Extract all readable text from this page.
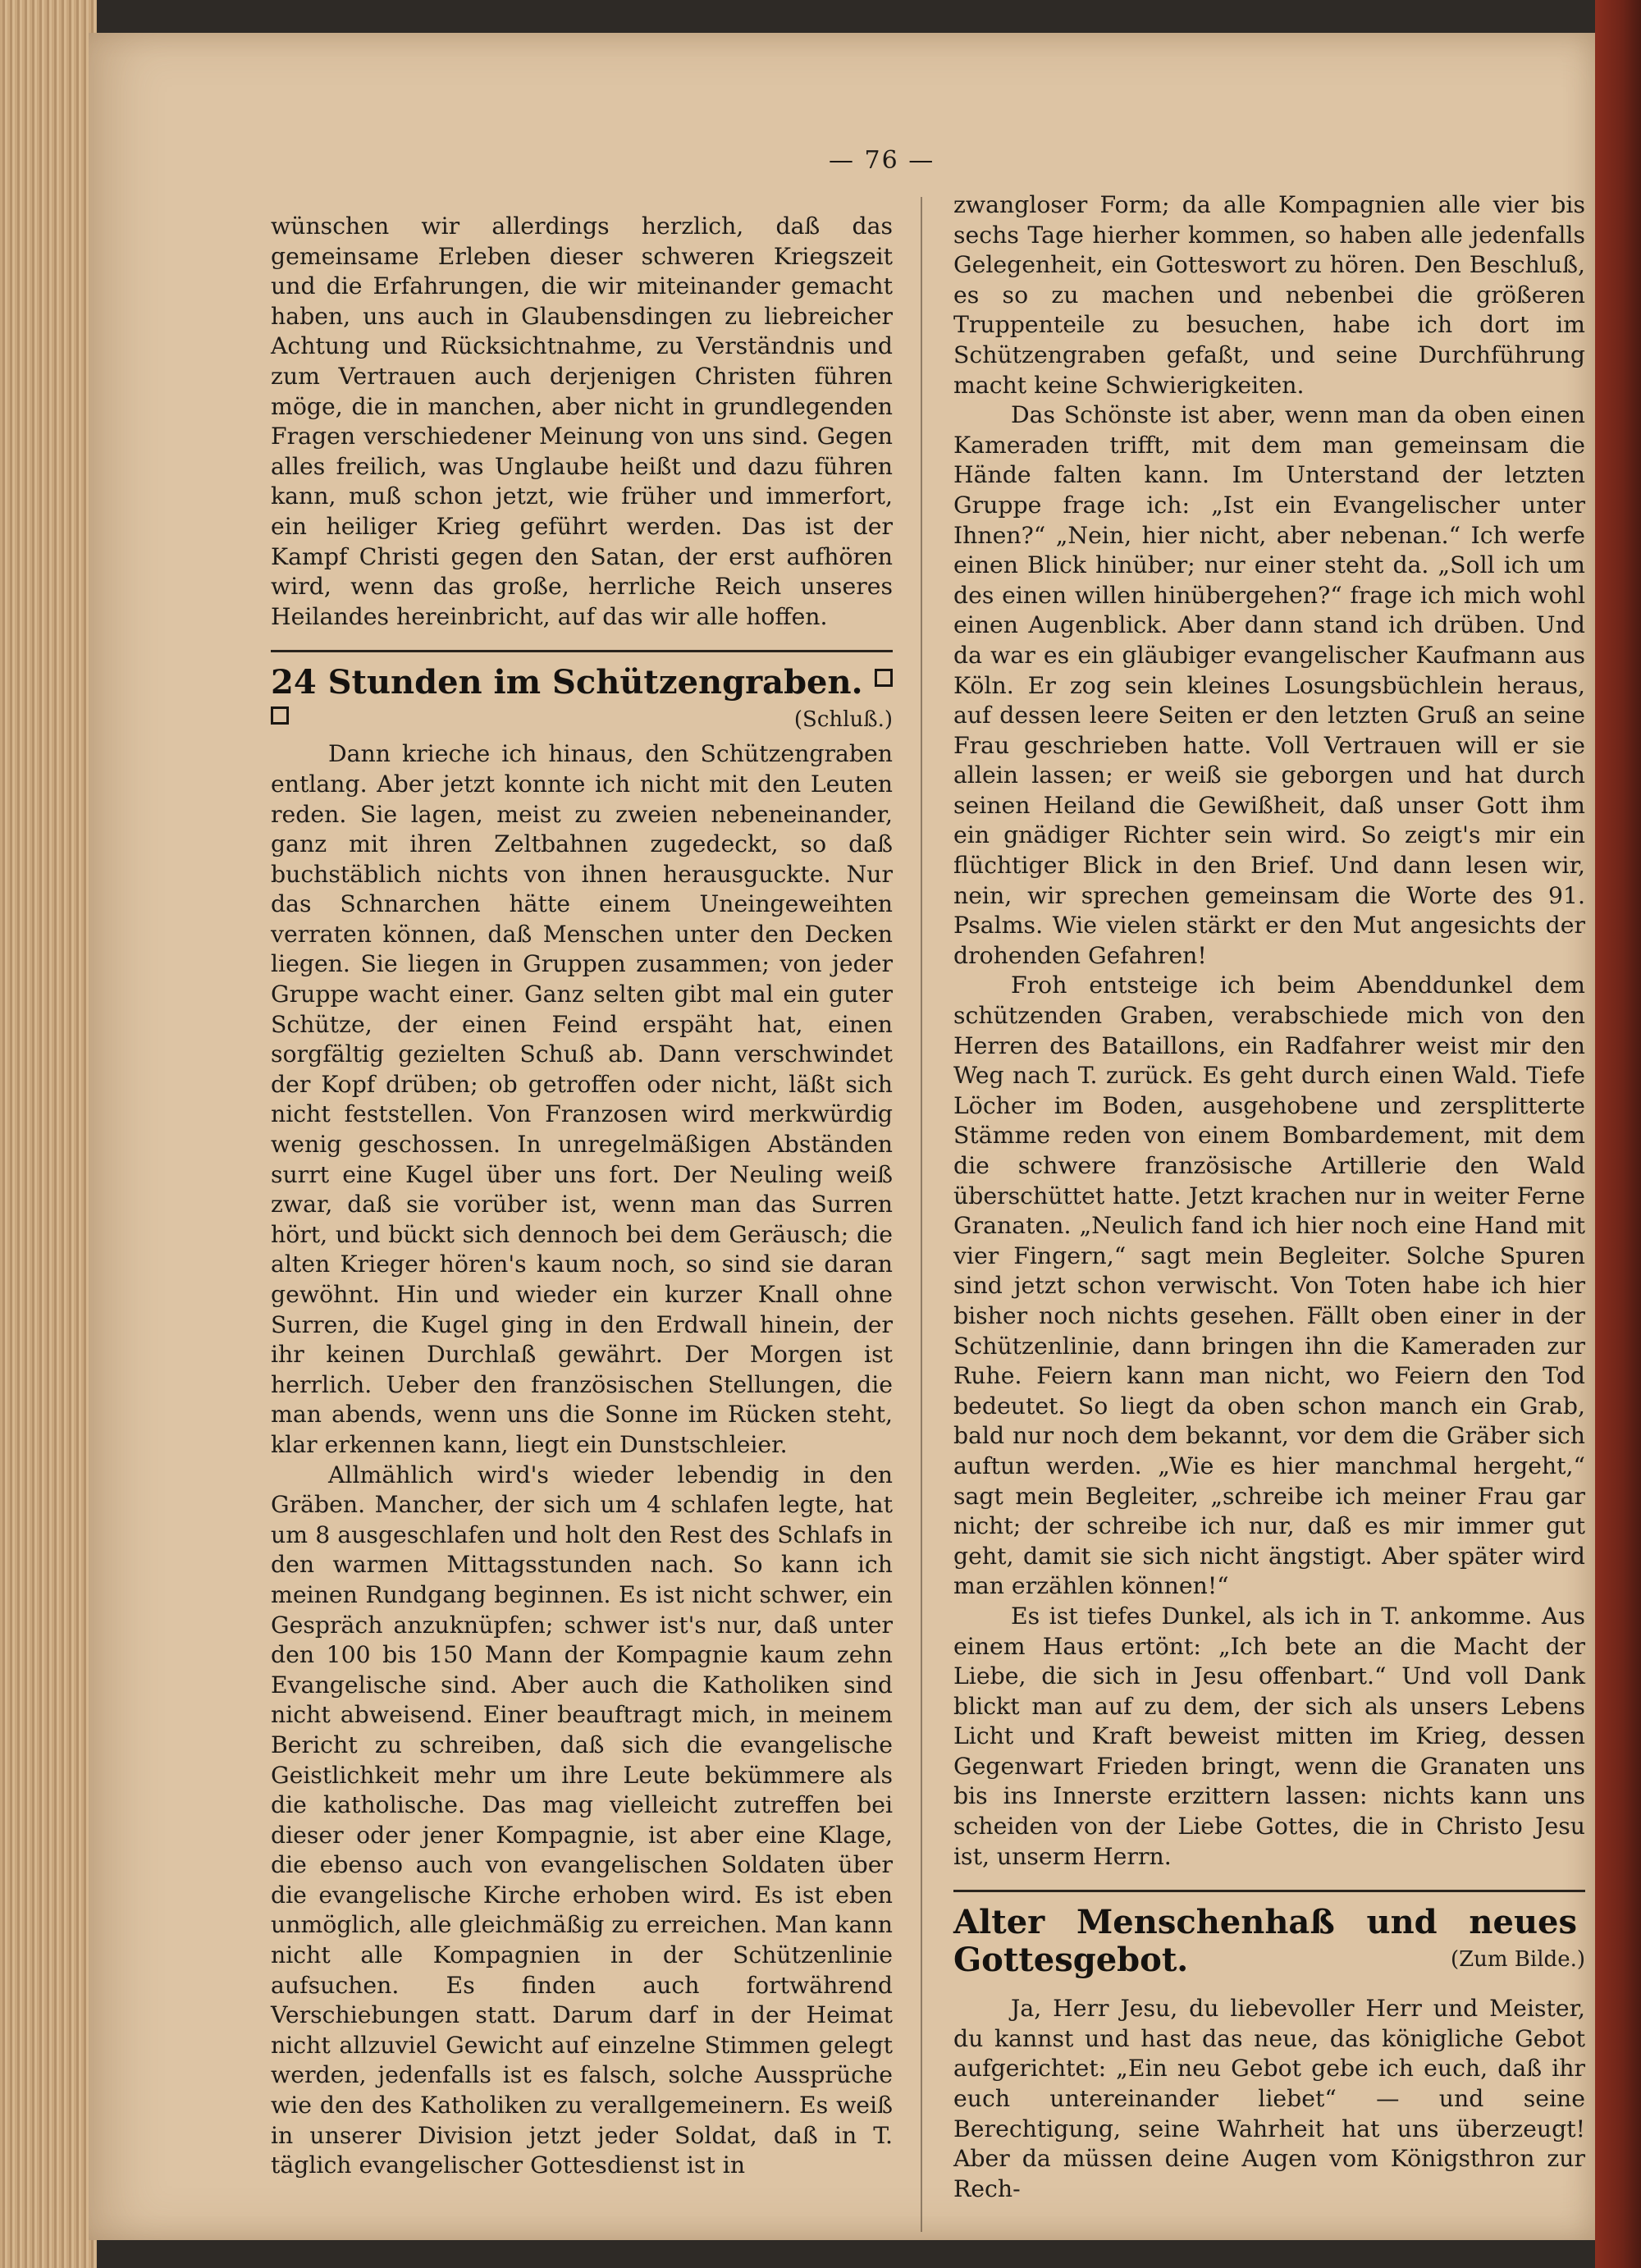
— 76 —

wünschen wir allerdings herzlich, daß das gemeinsame Erleben dieser schweren Kriegszeit und die Erfahrungen, die wir miteinander gemacht haben, uns auch in Glaubensdingen zu liebreicher Achtung und Rücksichtnahme, zu Verständnis und zum Vertrauen auch derjenigen Christen führen möge, die in manchen, aber nicht in grundlegenden Fragen verschiedener Meinung von uns sind. Gegen alles freilich, was Unglaube heißt und dazu führen kann, muß schon jetzt, wie früher und immerfort, ein heiliger Krieg geführt werden. Das ist der Kampf Christi gegen den Satan, der erst aufhören wird, wenn das große, herrliche Reich unseres Heilandes hereinbricht, auf das wir alle hoffen.

24 Stunden im Schützengraben.
(Schluß.)

Dann krieche ich hinaus, den Schützengraben entlang. Aber jetzt konnte ich nicht mit den Leuten reden. Sie lagen, meist zu zweien nebeneinander, ganz mit ihren Zeltbahnen zugedeckt, so daß buchstäblich nichts von ihnen herausguckte. Nur das Schnarchen hätte einem Uneingeweihten verraten können, daß Menschen unter den Decken liegen. Sie liegen in Gruppen zusammen; von jeder Gruppe wacht einer. Ganz selten gibt mal ein guter Schütze, der einen Feind erspäht hat, einen sorgfältig gezielten Schuß ab. Dann verschwindet der Kopf drüben; ob getroffen oder nicht, läßt sich nicht feststellen. Von Franzosen wird merkwürdig wenig geschossen. In unregelmäßigen Abständen surrt eine Kugel über uns fort. Der Neuling weiß zwar, daß sie vorüber ist, wenn man das Surren hört, und bückt sich dennoch bei dem Geräusch; die alten Krieger hören's kaum noch, so sind sie daran gewöhnt. Hin und wieder ein kurzer Knall ohne Surren, die Kugel ging in den Erdwall hinein, der ihr keinen Durchlaß gewährt. Der Morgen ist herrlich. Ueber den französischen Stellungen, die man abends, wenn uns die Sonne im Rücken steht, klar erkennen kann, liegt ein Dunstschleier.

Allmählich wird's wieder lebendig in den Gräben. Mancher, der sich um 4 schlafen legte, hat um 8 ausgeschlafen und holt den Rest des Schlafs in den warmen Mittagsstunden nach. So kann ich meinen Rundgang beginnen. Es ist nicht schwer, ein Gespräch anzuknüpfen; schwer ist's nur, daß unter den 100 bis 150 Mann der Kompagnie kaum zehn Evangelische sind. Aber auch die Katholiken sind nicht abweisend. Einer beauftragt mich, in meinem Bericht zu schreiben, daß sich die evangelische Geistlichkeit mehr um ihre Leute bekümmere als die katholische. Das mag vielleicht zutreffen bei dieser oder jener Kompagnie, ist aber eine Klage, die ebenso auch von evangelischen Soldaten über die evangelische Kirche erhoben wird. Es ist eben unmöglich, alle gleichmäßig zu erreichen. Man kann nicht alle Kompagnien in der Schützenlinie aufsuchen. Es finden auch fortwährend Verschiebungen statt. Darum darf in der Heimat nicht allzuviel Gewicht auf einzelne Stimmen gelegt werden, jedenfalls ist es falsch, solche Aussprüche wie den des Katholiken zu verallgemeinern. Es weiß in unserer Division jetzt jeder Soldat, daß in T. täglich evangelischer Gottesdienst ist in

zwangloser Form; da alle Kompagnien alle vier bis sechs Tage hierher kommen, so haben alle jedenfalls Gelegenheit, ein Gotteswort zu hören. Den Beschluß, es so zu machen und nebenbei die größeren Truppenteile zu besuchen, habe ich dort im Schützengraben gefaßt, und seine Durchführung macht keine Schwierigkeiten.

Das Schönste ist aber, wenn man da oben einen Kameraden trifft, mit dem man gemeinsam die Hände falten kann. Im Unterstand der letzten Gruppe frage ich: „Ist ein Evangelischer unter Ihnen?“ „Nein, hier nicht, aber nebenan.“ Ich werfe einen Blick hinüber; nur einer steht da. „Soll ich um des einen willen hinübergehen?“ frage ich mich wohl einen Augenblick. Aber dann stand ich drüben. Und da war es ein gläubiger evangelischer Kaufmann aus Köln. Er zog sein kleines Losungsbüchlein heraus, auf dessen leere Seiten er den letzten Gruß an seine Frau geschrieben hatte. Voll Vertrauen will er sie allein lassen; er weiß sie geborgen und hat durch seinen Heiland die Gewißheit, daß unser Gott ihm ein gnädiger Richter sein wird. So zeigt's mir ein flüchtiger Blick in den Brief. Und dann lesen wir, nein, wir sprechen gemeinsam die Worte des 91. Psalms. Wie vielen stärkt er den Mut angesichts der drohenden Gefahren!

Froh entsteige ich beim Abenddunkel dem schützenden Graben, verabschiede mich von den Herren des Bataillons, ein Radfahrer weist mir den Weg nach T. zurück. Es geht durch einen Wald. Tiefe Löcher im Boden, ausgehobene und zersplitterte Stämme reden von einem Bombardement, mit dem die schwere französische Artillerie den Wald überschüttet hatte. Jetzt krachen nur in weiter Ferne Granaten. „Neulich fand ich hier noch eine Hand mit vier Fingern,“ sagt mein Begleiter. Solche Spuren sind jetzt schon verwischt. Von Toten habe ich hier bisher noch nichts gesehen. Fällt oben einer in der Schützenlinie, dann bringen ihn die Kameraden zur Ruhe. Feiern kann man nicht, wo Feiern den Tod bedeutet. So liegt da oben schon manch ein Grab, bald nur noch dem bekannt, vor dem die Gräber sich auftun werden. „Wie es hier manchmal hergeht,“ sagt mein Begleiter, „schreibe ich meiner Frau gar nicht; der schreibe ich nur, daß es mir immer gut geht, damit sie sich nicht ängstigt. Aber später wird man erzählen können!“

Es ist tiefes Dunkel, als ich in T. ankomme. Aus einem Haus ertönt: „Ich bete an die Macht der Liebe, die sich in Jesu offenbart.“ Und voll Dank blickt man auf zu dem, der sich als unsers Lebens Licht und Kraft beweist mitten im Krieg, dessen Gegenwart Frieden bringt, wenn die Granaten uns bis ins Innerste erzittern lassen: nichts kann uns scheiden von der Liebe Gottes, die in Christo Jesu ist, unserm Herrn.

Alter Menschenhaß und neues Gottesgebot.	(Zum Bilde.)

Ja, Herr Jesu, du liebevoller Herr und Meister, du kannst und hast das neue, das königliche Gebot aufgerichtet: „Ein neu Gebot gebe ich euch, daß ihr euch untereinander liebet“ — und seine Berechtigung, seine Wahrheit hat uns überzeugt! Aber da müssen deine Augen vom Königsthron zur Rech-
